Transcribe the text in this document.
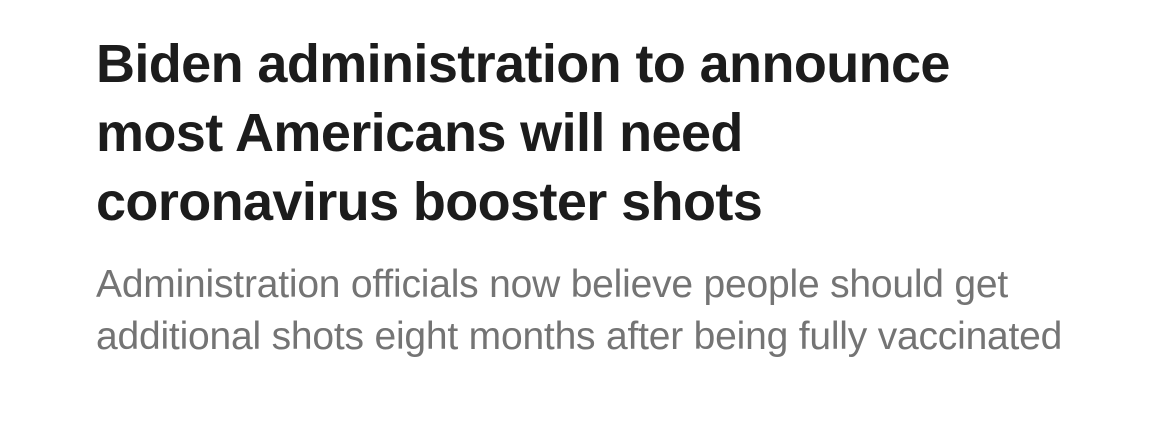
Biden administration to announce most Americans will need coronavirus booster shots

Administration officials now believe people should get additional shots eight months after being fully vaccinated
